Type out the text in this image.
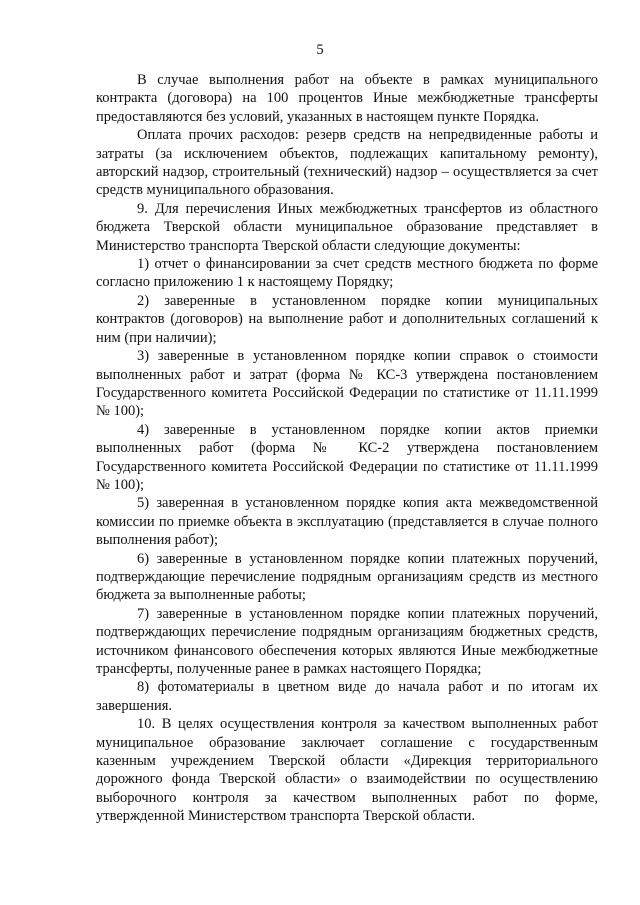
5

В случае выполнения работ на объекте в рамках муниципального контракта (договора) на 100 процентов Иные межбюджетные трансферты предоставляются без условий, указанных в настоящем пункте Порядка.

Оплата прочих расходов: резерв средств на непредвиденные работы и затраты (за исключением объектов, подлежащих капитальному ремонту), авторский надзор, строительный (технический) надзор – осуществляется за счет средств муниципального образования.

9. Для перечисления Иных межбюджетных трансфертов из областного бюджета Тверской области муниципальное образование представляет в Министерство транспорта Тверской области следующие документы:

1) отчет о финансировании за счет средств местного бюджета по форме согласно приложению 1 к настоящему Порядку;

2) заверенные в установленном порядке копии муниципальных контрактов (договоров) на выполнение работ и дополнительных соглашений к ним (при наличии);

3) заверенные в установленном порядке копии справок о стоимости выполненных работ и затрат (форма № КС-3 утверждена постановлением Государственного комитета Российской Федерации по статистике от 11.11.1999 № 100);

4) заверенные в установленном порядке копии актов приемки выполненных работ (форма № КС-2 утверждена постановлением Государственного комитета Российской Федерации по статистике от 11.11.1999 № 100);

5) заверенная в установленном порядке копия акта межведомственной комиссии по приемке объекта в эксплуатацию (представляется в случае полного выполнения работ);

6) заверенные в установленном порядке копии платежных поручений, подтверждающие перечисление подрядным организациям средств из местного бюджета за выполненные работы;

7) заверенные в установленном порядке копии платежных поручений, подтверждающих перечисление подрядным организациям бюджетных средств, источником финансового обеспечения которых являются Иные межбюджетные трансферты, полученные ранее в рамках настоящего Порядка;

8) фотоматериалы в цветном виде до начала работ и по итогам их завершения.

10. В целях осуществления контроля за качеством выполненных работ муниципальное образование заключает соглашение с государственным казенным учреждением Тверской области «Дирекция территориального дорожного фонда Тверской области» о взаимодействии по осуществлению выборочного контроля за качеством выполненных работ по форме, утвержденной Министерством транспорта Тверской области.
